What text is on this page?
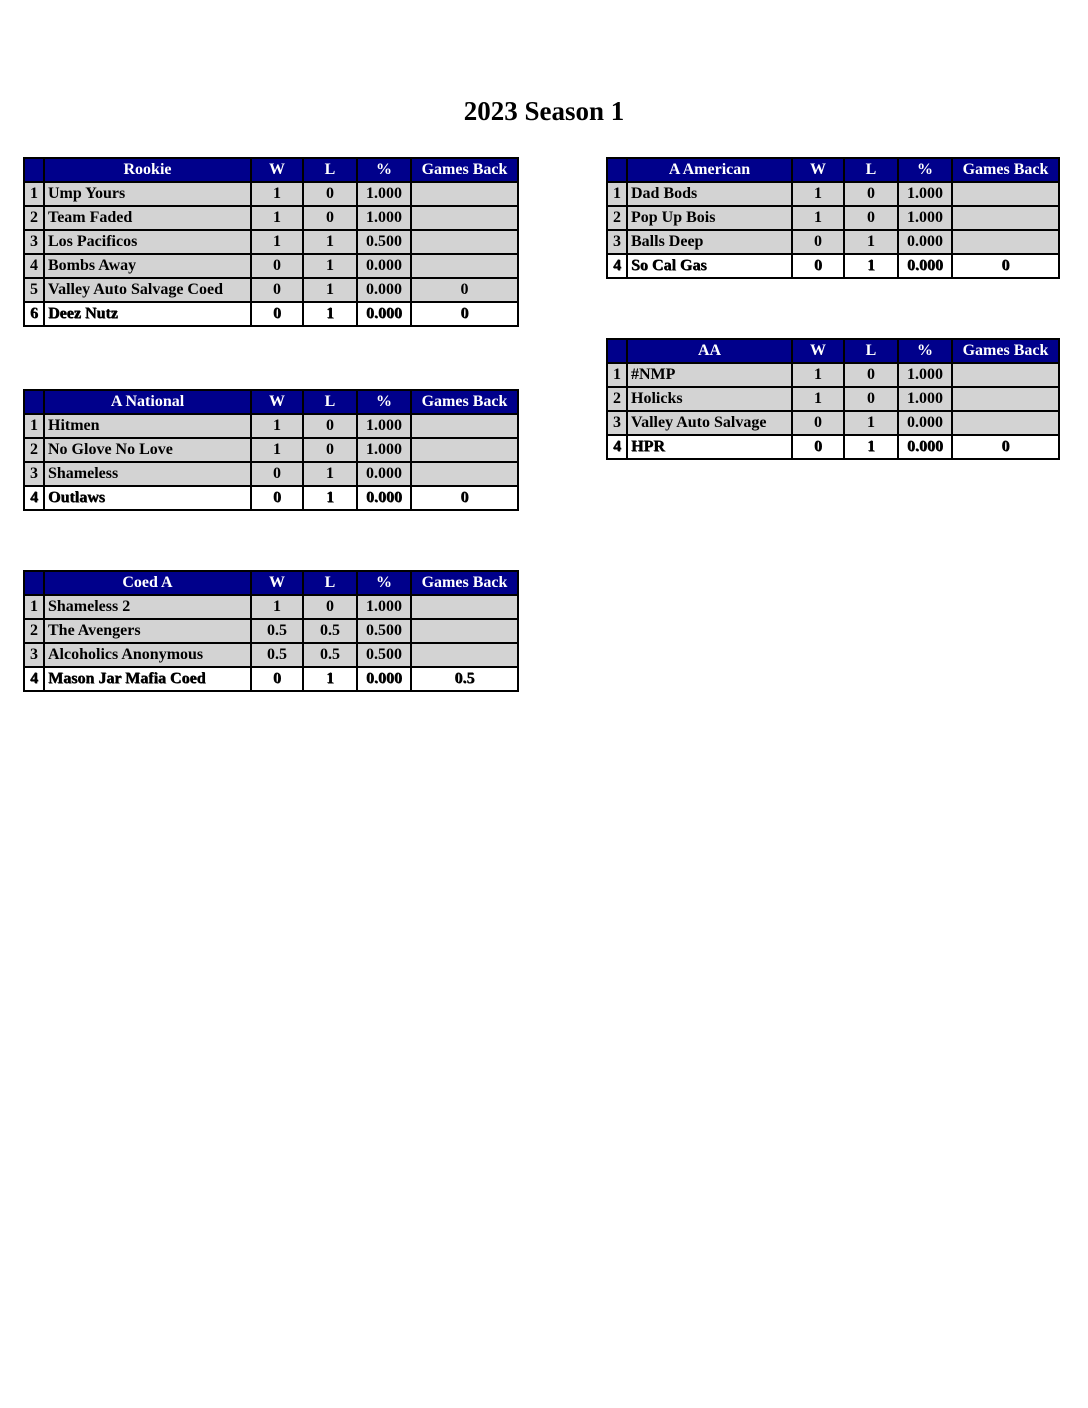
2023 Season 1
	Rookie	W	L	%	Games Back
1	Ump Yours	1	0	1.000	
2	Team Faded	1	0	1.000	
3	Los Pacificos	1	1	0.500	
4	Bombs Away	0	1	0.000	
5	Valley Auto Salvage Coed	0	1	0.000	0
6	Deez Nutz	0	1	0.000	0
	A National	W	L	%	Games Back
1	Hitmen	1	0	1.000	
2	No Glove No Love	1	0	1.000	
3	Shameless	0	1	0.000	
4	Outlaws	0	1	0.000	0
	Coed A	W	L	%	Games Back
1	Shameless 2	1	0	1.000	
2	The Avengers	0.5	0.5	0.500	
3	Alcoholics Anonymous	0.5	0.5	0.500	
4	Mason Jar Mafia Coed	0	1	0.000	0.5
	A American	W	L	%	Games Back
1	Dad Bods	1	0	1.000	
2	Pop Up Bois	1	0	1.000	
3	Balls Deep	0	1	0.000	
4	So Cal Gas	0	1	0.000	0
	AA	W	L	%	Games Back
1	#NMP	1	0	1.000	
2	Holicks	1	0	1.000	
3	Valley Auto Salvage	0	1	0.000	
4	HPR	0	1	0.000	0
